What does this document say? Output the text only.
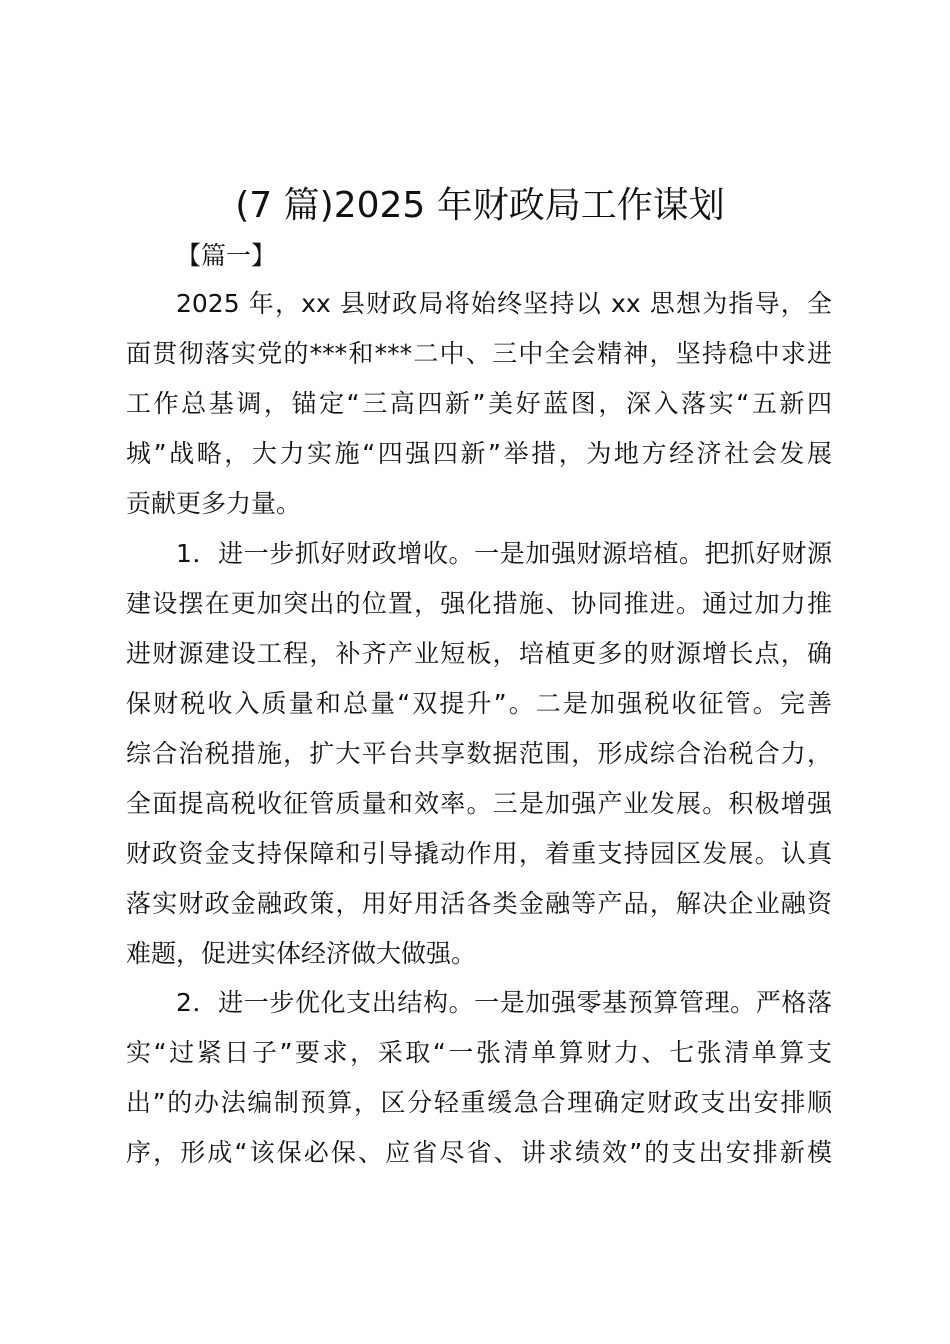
(7 篇)2025 年财政局工作谋划
【篇一】
2025 年，xx 县财政局将始终坚持以 xx 思想为指导，全
面贯彻落实党的***和***二中、三中全会精神，坚持稳中求进
工作总基调，锚定“三高四新”美好蓝图，深入落实“五新四
城”战略，大力实施“四强四新”举措，为地方经济社会发展
贡献更多力量。
1．进一步抓好财政增收。一是加强财源培植。把抓好财源
建设摆在更加突出的位置，强化措施、协同推进。通过加力推
进财源建设工程，补齐产业短板，培植更多的财源增长点，确
保财税收入质量和总量“双提升”。二是加强税收征管。完善
综合治税措施，扩大平台共享数据范围，形成综合治税合力，
全面提高税收征管质量和效率。三是加强产业发展。积极增强
财政资金支持保障和引导撬动作用，着重支持园区发展。认真
落实财政金融政策，用好用活各类金融等产品，解决企业融资
难题，促进实体经济做大做强。
2．进一步优化支出结构。一是加强零基预算管理。严格落
实“过紧日子”要求，采取“一张清单算财力、七张清单算支
出”的办法编制预算，区分轻重缓急合理确定财政支出安排顺
序，形成“该保必保、应省尽省、讲求绩效”的支出安排新模
